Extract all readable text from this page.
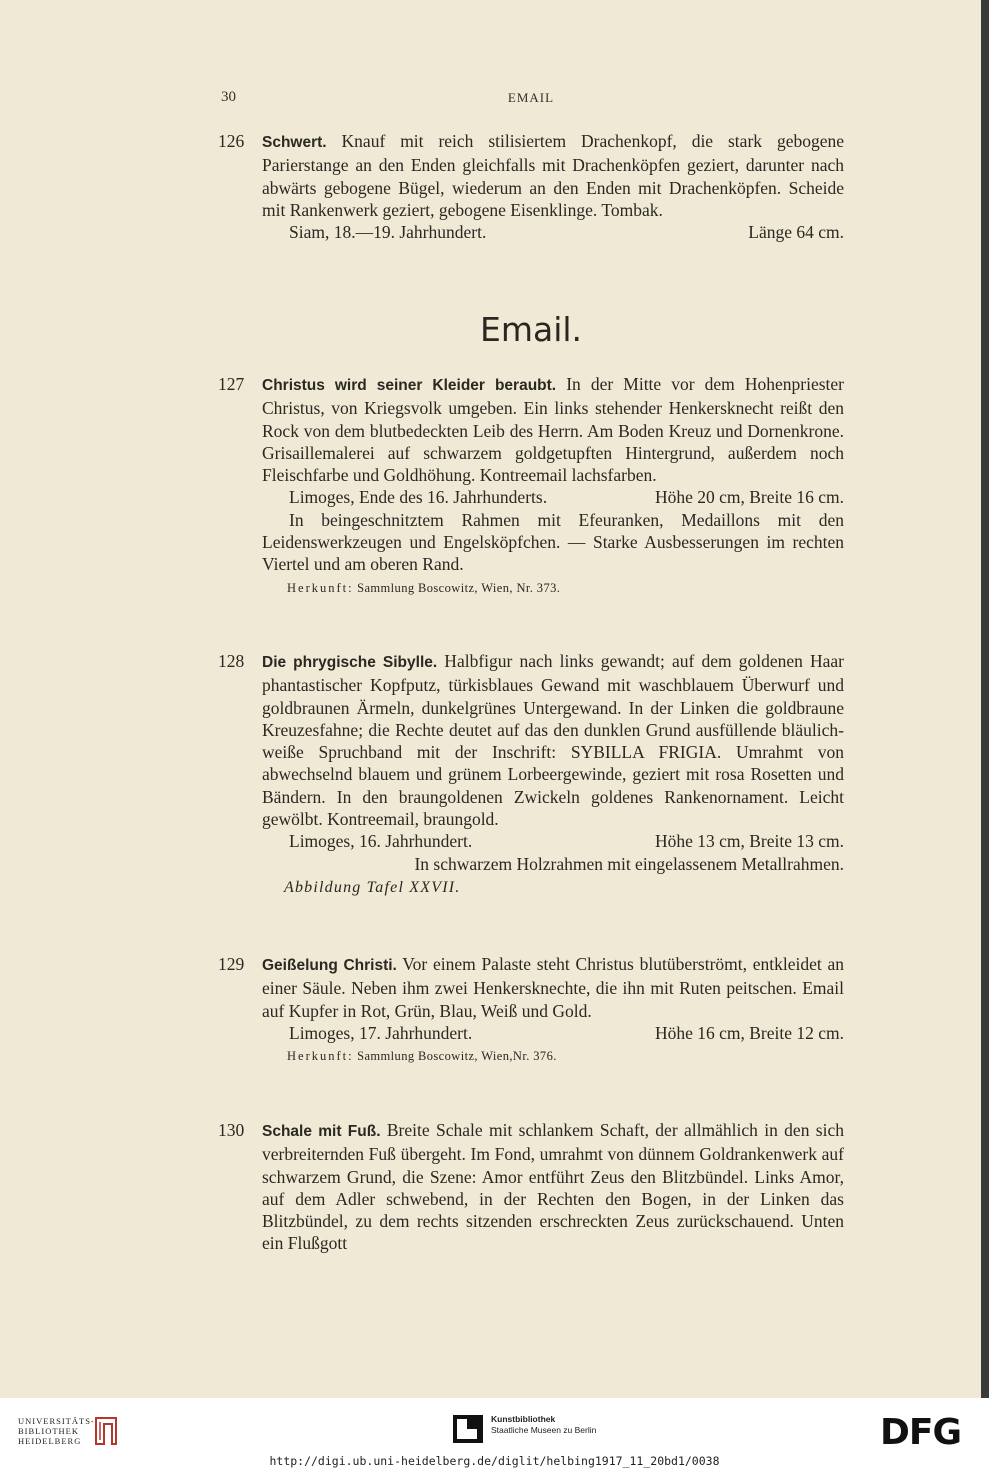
30	EMAIL
126	Schwert. Knauf mit reich stilisiertem Drachenkopf, die stark gebogene Parierstange an den Enden gleichfalls mit Drachenköpfen geziert, darunter nach abwärts gebogene Bügel, wiederum an den Enden mit Drachenköpfen. Scheide mit Rankenwerk geziert, gebogene Eisenklinge. Tombak.
Siam, 18.—19. Jahrhundert.	Länge 64 cm.
Email.
127	Christus wird seiner Kleider beraubt. In der Mitte vor dem Hohenpriester Christus, von Kriegsvolk umgeben. Ein links stehender Henkersknecht reißt den Rock von dem blutbedeckten Leib des Herrn. Am Boden Kreuz und Dornenkrone. Grisaillemalerei auf schwarzem goldgetupften Hintergrund, außerdem noch Fleischfarbe und Goldhöhung. Kontreemail lachsfarben.
Limoges, Ende des 16. Jahrhunderts.	Höhe 20 cm, Breite 16 cm.
In beingeschnitztem Rahmen mit Efeuranken, Medaillons mit den Leidenswerkzeugen und Engelsköpfchen. — Starke Ausbesserungen im rechten Viertel und am oberen Rand.
Herkunft: Sammlung Boscowitz, Wien, Nr. 373.
128	Die phrygische Sibylle. Halbfigur nach links gewandt; auf dem goldenen Haar phantastischer Kopfputz, türkisblaues Gewand mit waschblauem Überwurf und goldbraunen Ärmeln, dunkelgrünes Untergewand. In der Linken die goldbraune Kreuzesfahne; die Rechte deutet auf das den dunklen Grund ausfüllende bläulich-weiße Spruchband mit der Inschrift: SYBILLA FRIGIA. Umrahmt von abwechselnd blauem und grünem Lorbeergewinde, geziert mit rosa Rosetten und Bändern. In den braungoldenen Zwickeln goldenes Rankenornament. Leicht gewölbt. Kontreemail, braungold.
Limoges, 16. Jahrhundert.	Höhe 13 cm, Breite 13 cm.
In schwarzem Holzrahmen mit eingelassenem Metallrahmen.
Abbildung Tafel XXVII.
129	Geißelung Christi. Vor einem Palaste steht Christus blutüberströmt, entkleidet an einer Säule. Neben ihm zwei Henkersknechte, die ihn mit Ruten peitschen. Email auf Kupfer in Rot, Grün, Blau, Weiß und Gold.
Limoges, 17. Jahrhundert.	Höhe 16 cm, Breite 12 cm.
Herkunft: Sammlung Boscowitz, Wien,Nr. 376.
130	Schale mit Fuß. Breite Schale mit schlankem Schaft, der allmählich in den sich verbreiternden Fuß übergeht. Im Fond, umrahmt von dünnem Goldrankenwerk auf schwarzem Grund, die Szene: Amor entführt Zeus den Blitzbündel. Links Amor, auf dem Adler schwebend, in der Rechten den Bogen, in der Linken das Blitzbündel, zu dem rechts sitzenden erschreckten Zeus zurückschauend. Unten ein Flußgott
UNIVERSITÄTS- BIBLIOTHEK HEIDELBERG
Kunstbibliothek
Staatliche Museen zu Berlin	DFG
http://digi.ub.uni-heidelberg.de/diglit/helbing1917_11_20bd1/0038
